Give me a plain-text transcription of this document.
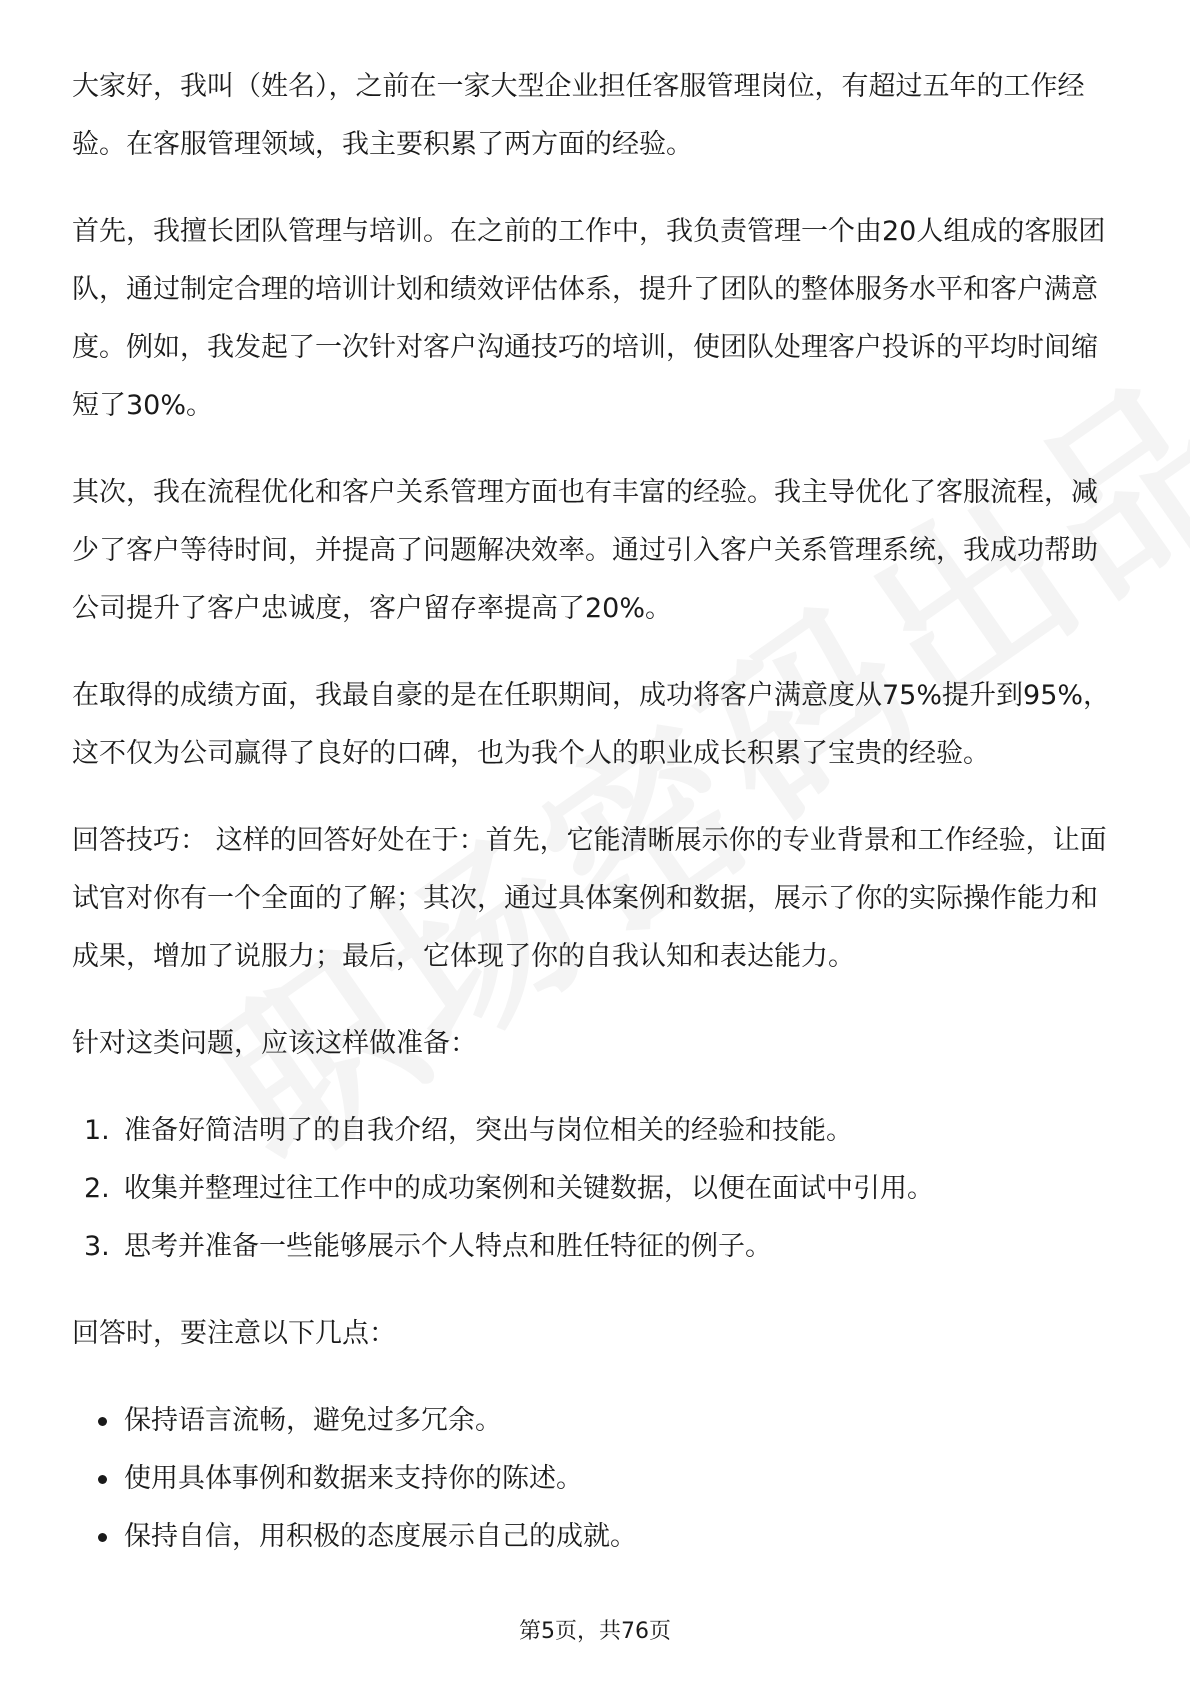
大家好，我叫（姓名），之前在一家大型企业担任客服管理岗位，有超过五年的工作经验。在客服管理领域，我主要积累了两方面的经验。

首先，我擅长团队管理与培训。在之前的工作中，我负责管理一个由20人组成的客服团队，通过制定合理的培训计划和绩效评估体系，提升了团队的整体服务水平和客户满意度。例如，我发起了一次针对客户沟通技巧的培训，使团队处理客户投诉的平均时间缩短了30%。

其次，我在流程优化和客户关系管理方面也有丰富的经验。我主导优化了客服流程，减少了客户等待时间，并提高了问题解决效率。通过引入客户关系管理系统，我成功帮助公司提升了客户忠诚度，客户留存率提高了20%。

在取得的成绩方面，我最自豪的是在任职期间，成功将客户满意度从75%提升到95%，这不仅为公司赢得了良好的口碑，也为我个人的职业成长积累了宝贵的经验。

回答技巧： 这样的回答好处在于：首先，它能清晰展示你的专业背景和工作经验，让面试官对你有一个全面的了解；其次，通过具体案例和数据，展示了你的实际操作能力和成果，增加了说服力；最后，它体现了你的自我认知和表达能力。

针对这类问题，应该这样做准备：

1. 准备好简洁明了的自我介绍，突出与岗位相关的经验和技能。
2. 收集并整理过往工作中的成功案例和关键数据，以便在面试中引用。
3. 思考并准备一些能够展示个人特点和胜任特征的例子。

回答时，要注意以下几点：

保持语言流畅，避免过多冗余。
使用具体事例和数据来支持你的陈述。
保持自信，用积极的态度展示自己的成就。
第5页，共76页
